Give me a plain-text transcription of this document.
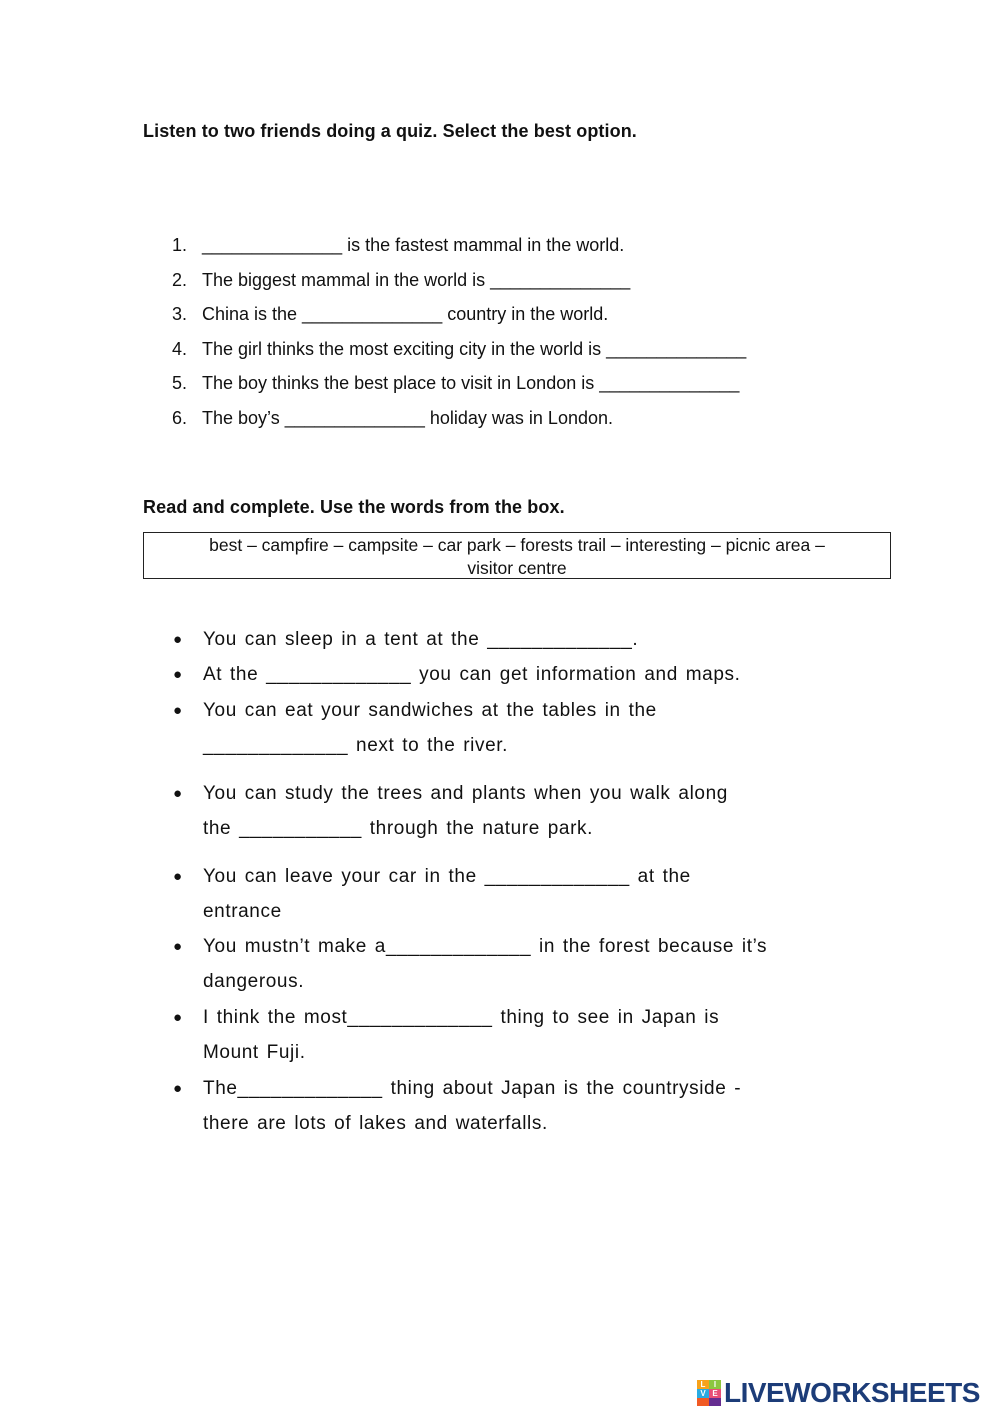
Listen to two friends doing a quiz. Select the best option.
1. ______________ is the fastest mammal in the world.
2. The biggest mammal in the world is ______________
3. China is the ______________ country in the world.
4. The girl thinks the most exciting city in the world is ______________
5. The boy thinks the best place to visit in London is ______________
6. The boy’s ______________ holiday was in London.
Read and complete. Use the words from the box.
best – campfire – campsite – car park – forests trail – interesting – picnic area –
visitor centre
● You can sleep in a tent at the _____________.
● At the _____________ you can get information and maps.
● You can eat your sandwiches at the tables in the
_____________ next to the river.
● You can study the trees and plants when you walk along
the ___________ through the nature park.
● You can leave your car in the _____________ at the
entrance
● You mustn’t make a_____________ in the forest because it’s
dangerous.
● I think the most_____________ thing to see in Japan is
Mount Fuji.
● The_____________ thing about Japan is the countryside -
there are lots of lakes and waterfalls.
L	I
V E LIVEWORKSHEETS
